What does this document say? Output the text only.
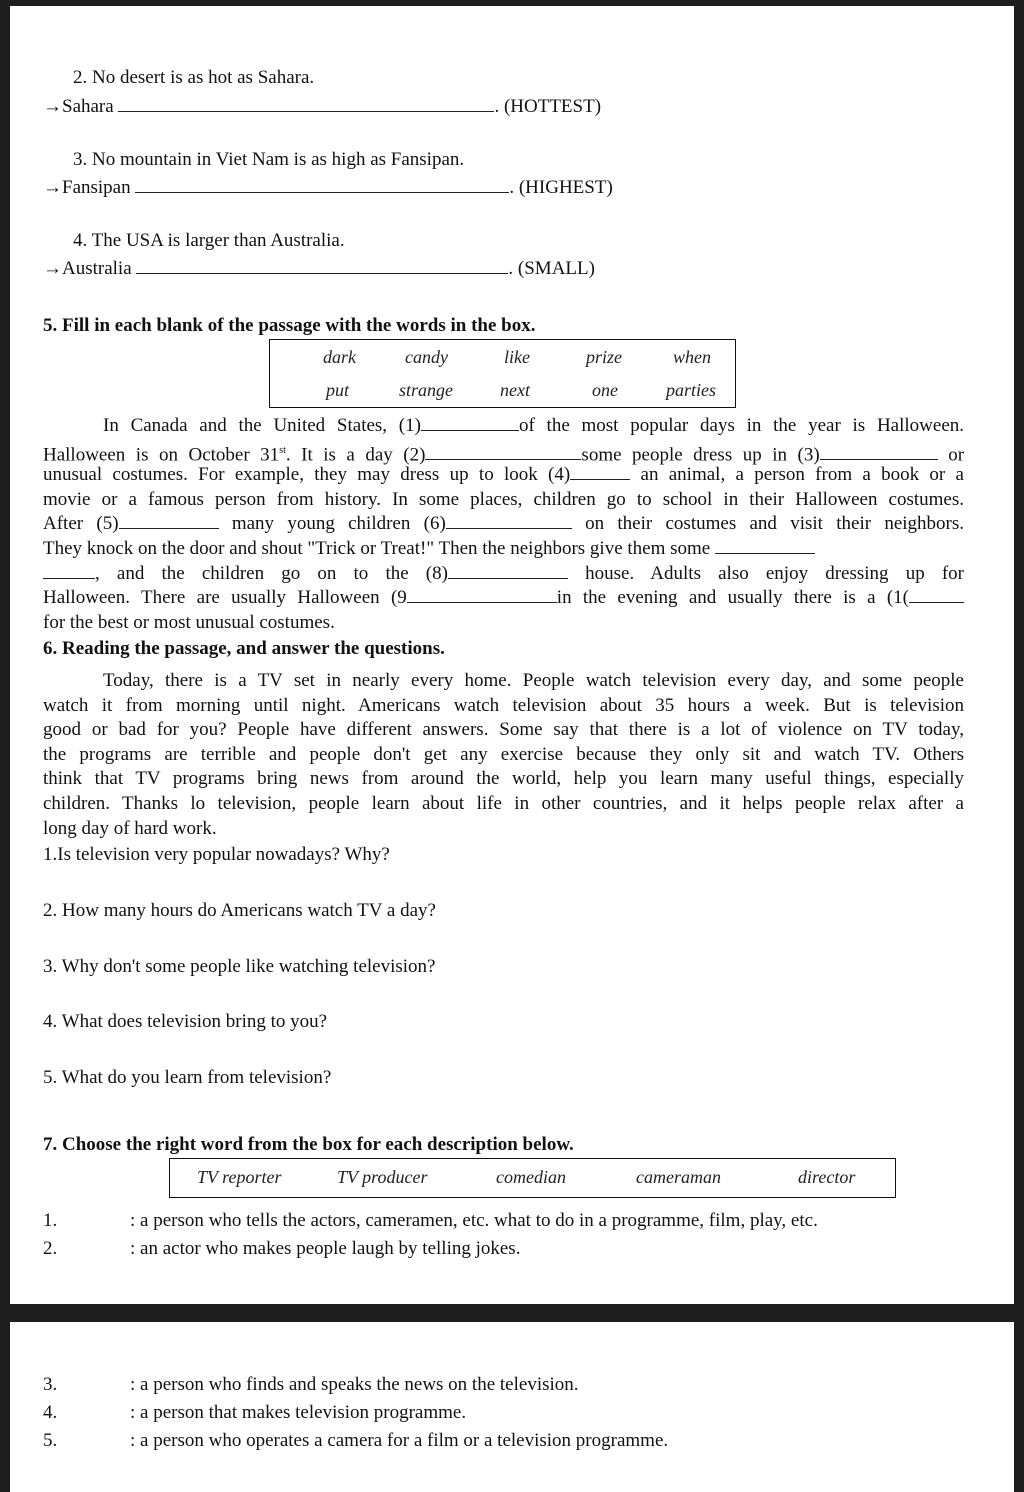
2. No desert is as hot as Sahara.
→Sahara	. (HOTTEST)
3. No mountain in Viet Nam is as high as Fansipan.
→Fansipan	. (HIGHEST)
4. The USA is larger than Australia.
→Australia	. (SMALL)
5. Fill in each blank of the passage with the words in the box.
dark	candy	like	prize	when
put	strange	next	one	parties
In Canada and the United States, (1)	of the most popular days in the year is Halloween.
Halloween is on October 31st. It is a day (2)	some people dress up in (3)	or
unusual costumes. For example, they may dress up to look (4)	an animal, a person from a book or a
movie or a famous person from history. In some places, children go to school in their Halloween costumes.
After (5)	many young children (6)	on their costumes and visit their neighbors.
They knock on the door and shout "Trick or Treat!" Then the neighbors give them some
, and the children go on to the (8)	house. Adults also enjoy dressing up for
Halloween. There are usually Halloween (9	in the evening and usually there is a (1(
for the best or most unusual costumes.
6. Reading the passage, and answer the questions.
Today, there is a TV set in nearly every home. People watch television every day, and some people
watch it from morning until night. Americans watch television about 35 hours a week. But is television
good or bad for you? People have different answers. Some say that there is a lot of violence on TV today,
the programs are terrible and people don't get any exercise because they only sit and watch TV. Others
think that TV programs bring news from around the world, help you learn many useful things, especially
children. Thanks lo television, people learn about life in other countries, and it helps people relax after a
long day of hard work.
1.Is television very popular nowadays? Why?
2. How many hours do Americans watch TV a day?
3. Why don't some people like watching television?
4. What does television bring to you?
5. What do you learn from television?
7. Choose the right word from the box for each description below.
TV reporter	TV producer	comedian	cameraman	director
1.	: a person who tells the actors, cameramen, etc. what to do in a programme, film, play, etc.
2.	: an actor who makes people laugh by telling jokes.
3.	: a person who finds and speaks the news on the television.
4.	: a person that makes television programme.
5.	: a person who operates a camera for a film or a television programme.
